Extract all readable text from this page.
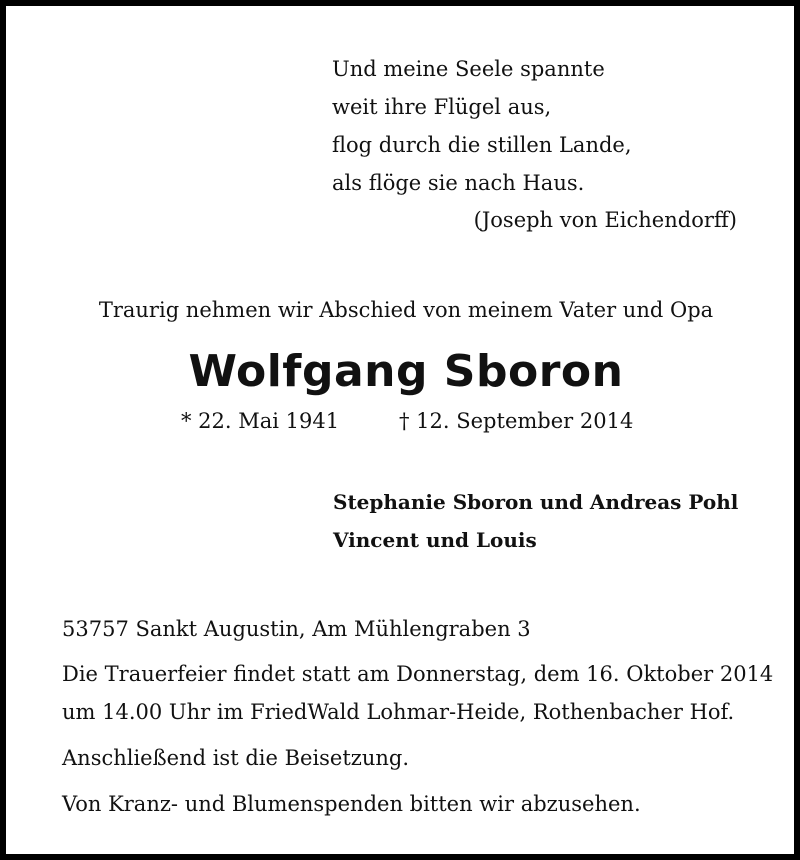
Und meine Seele spannte

weit ihre Flügel aus,

flog durch die stillen Lande,

als flöge sie nach Haus.

(Joseph von Eichendorff)

Traurig nehmen wir Abschied von meinem Vater und Opa

Wolfgang Sboron

* 22. Mai 1941	† 12. September 2014

Stephanie Sboron und Andreas Pohl

Vincent und Louis

53757 Sankt Augustin, Am Mühlengraben 3

Die Trauerfeier findet statt am Donnerstag, dem 16. Oktober 2014

um 14.00 Uhr im FriedWald Lohmar-Heide, Rothenbacher Hof.

Anschließend ist die Beisetzung.

Von Kranz- und Blumenspenden bitten wir abzusehen.
